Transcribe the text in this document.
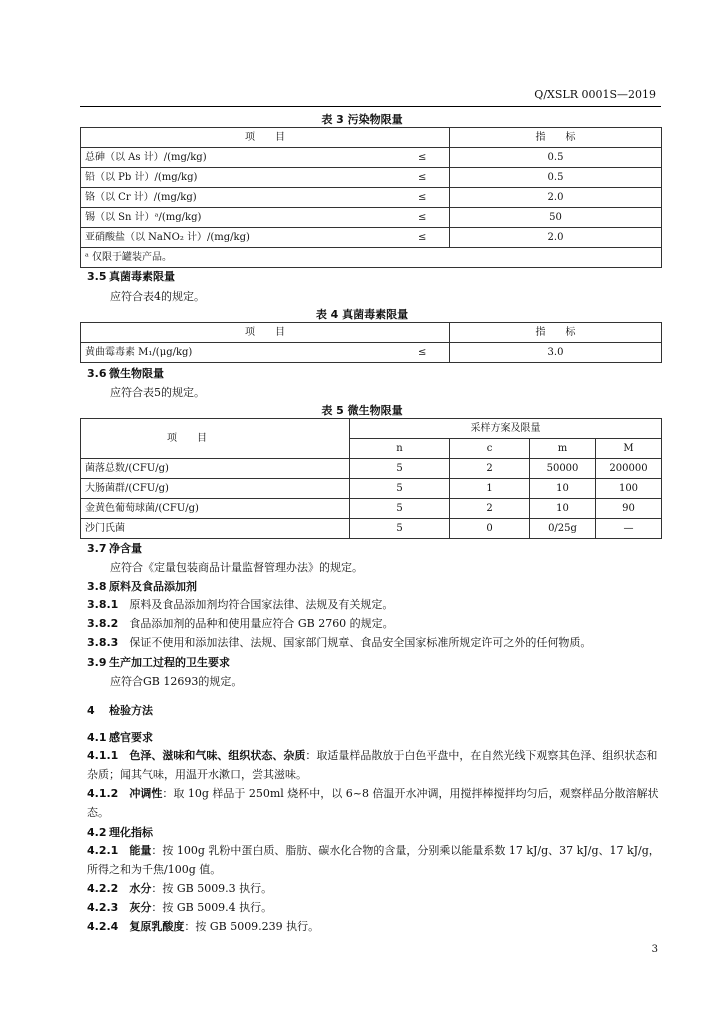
Q/XSLR 0001S—2019
表 3 污染物限量
项　　目		指　　标
总砷（以 As 计）/(mg/kg)	≤	0.5
铅（以 Pb 计）/(mg/kg)	≤	0.5
铬（以 Cr 计）/(mg/kg)	≤	2.0
锡（以 Sn 计）ᵃ/(mg/kg)	≤	50
亚硝酸盐（以 NaNO₂ 计）/(mg/kg)	≤	2.0
ᵃ 仅限于罐装产品。		
3.5 真菌毒素限量
应符合表4的规定。
表 4 真菌毒素限量
项　　目		指　　标
黄曲霉毒素 M₁/(μg/kg)	≤	3.0
3.6 微生物限量
应符合表5的规定。
表 5 微生物限量
项　　目	采样方案及限量			
	n	c	m	M
菌落总数/(CFU/g)	5	2	50000	200000
大肠菌群/(CFU/g)	5	1	10	100
金黄色葡萄球菌/(CFU/g)	5	2	10	90
沙门氏菌	5	0	0/25g	—
3.7 净含量
应符合《定量包装商品计量监督管理办法》的规定。
3.8 原料及食品添加剂
3.8.1　 原料及食品添加剂均符合国家法律、法规及有关规定。
3.8.2　 食品添加剂的品种和使用量应符合 GB 2760 的规定。
3.8.3　 保证不使用和添加法律、法规、国家部门规章、食品安全国家标准所规定许可之外的任何物质。
3.9 生产加工过程的卫生要求
应符合GB 12693的规定。
4 检验方法
4.1 感官要求
4.1.1　 色泽、滋味和气味、组织状态、杂质：取适量样品散放于白色平盘中，在自然光线下观察其色泽、组织状态和杂质；闻其气味，用温开水漱口，尝其滋味。
4.1.2　 冲调性：取 10g 样品于 250ml 烧杯中，以 6~8 倍温开水冲调，用搅拌棒搅拌均匀后，观察样品分散溶解状态。
4.2 理化指标
4.2.1　 能量：按 100g 乳粉中蛋白质、脂肪、碳水化合物的含量，分别乘以能量系数 17 kJ/g、37 kJ/g、17 kJ/g，所得之和为千焦/100g 值。
4.2.2　 水分：按 GB 5009.3 执行。
4.2.3　 灰分：按 GB 5009.4 执行。
4.2.4　 复原乳酸度：按 GB 5009.239 执行。
3
